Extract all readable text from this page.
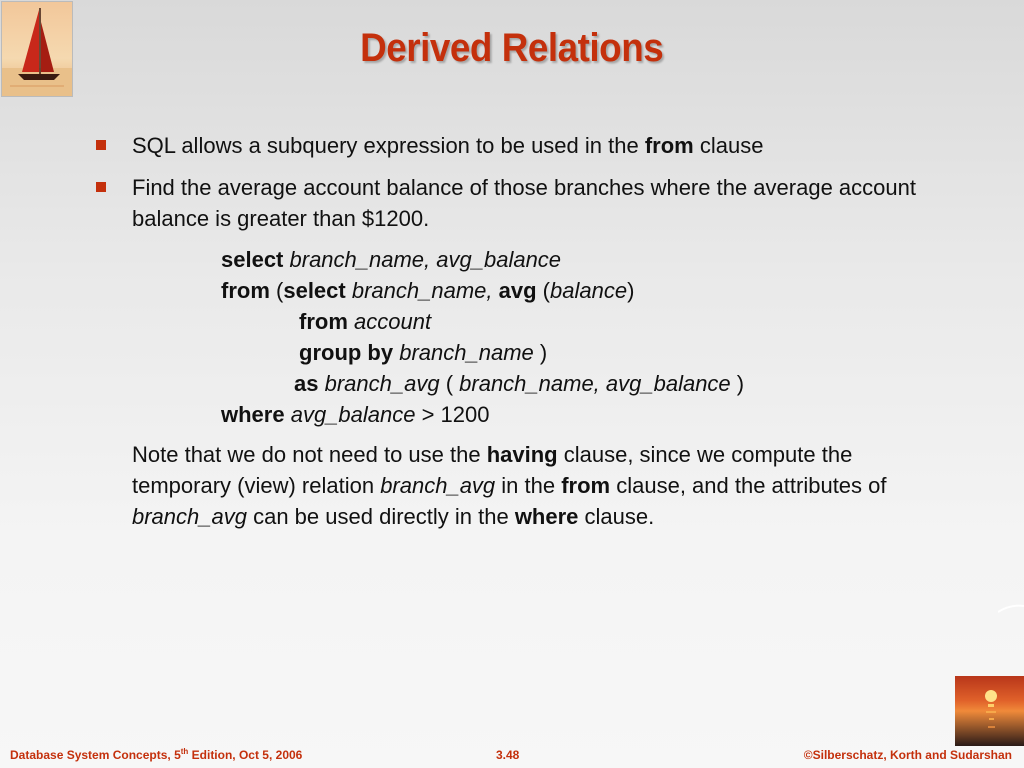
Derived Relations
SQL allows a subquery expression to be used in the from clause
Find the average account balance of those branches where the average account balance is greater than $1200.
select branch_name, avg_balance
from (select branch_name, avg (balance)
from account
group by branch_name )
as branch_avg ( branch_name, avg_balance )
where avg_balance > 1200
Note that we do not need to use the having clause, since we compute the temporary (view) relation branch_avg in the from clause, and the attributes of branch_avg can be used directly in the where clause.
Database System Concepts, 5th Edition, Oct 5, 2006	3.48	©Silberschatz, Korth and Sudarshan
